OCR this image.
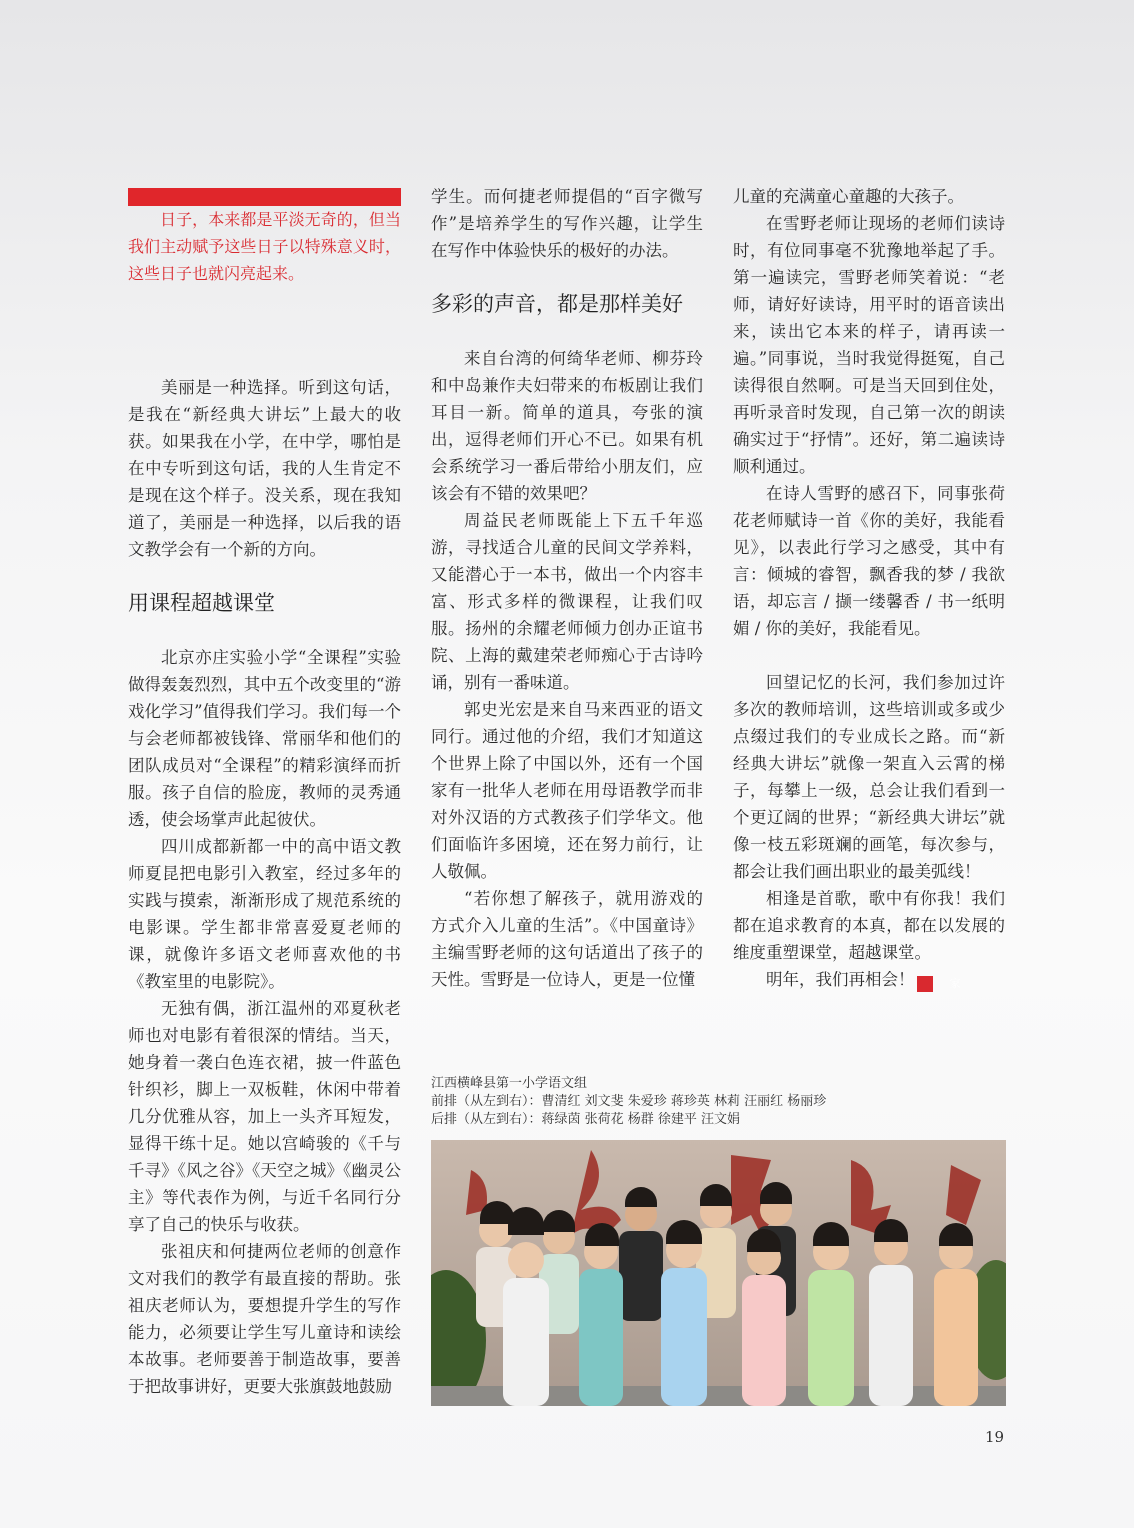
日子，本来都是平淡无奇的，但当我们主动赋予这些日子以特殊意义时，这些日子也就闪亮起来。

美丽是一种选择。听到这句话，是我在“新经典大讲坛”上最大的收获。如果我在小学，在中学，哪怕是在中专听到这句话，我的人生肯定不是现在这个样子。没关系，现在我知道了，美丽是一种选择，以后我的语文教学会有一个新的方向。

用课程超越课堂

北京亦庄实验小学“全课程”实验做得轰轰烈烈，其中五个改变里的“游戏化学习”值得我们学习。我们每一个与会老师都被钱锋、常丽华和他们的团队成员对“全课程”的精彩演绎而折服。孩子自信的脸庞，教师的灵秀通透，使会场掌声此起彼伏。

四川成都新都一中的高中语文教师夏昆把电影引入教室，经过多年的实践与摸索，渐渐形成了规范系统的电影课。学生都非常喜爱夏老师的课，就像许多语文老师喜欢他的书《教室里的电影院》。

无独有偶，浙江温州的邓夏秋老师也对电影有着很深的情结。当天，她身着一袭白色连衣裙，披一件蓝色针织衫，脚上一双板鞋，休闲中带着几分优雅从容，加上一头齐耳短发，显得干练十足。她以宫崎骏的《千与千寻》《风之谷》《天空之城》《幽灵公主》等代表作为例，与近千名同行分享了自己的快乐与收获。

张祖庆和何捷两位老师的创意作文对我们的教学有最直接的帮助。张祖庆老师认为，要想提升学生的写作能力，必须要让学生写儿童诗和读绘本故事。老师要善于制造故事，要善于把故事讲好，更要大张旗鼓地鼓励

学生。而何捷老师提倡的“百字微写作”是培养学生的写作兴趣，让学生在写作中体验快乐的极好的办法。

多彩的声音，都是那样美好

来自台湾的何绮华老师、柳芬玲和中岛兼作夫妇带来的布板剧让我们耳目一新。简单的道具，夸张的演出，逗得老师们开心不已。如果有机会系统学习一番后带给小朋友们，应该会有不错的效果吧？

周益民老师既能上下五千年巡游，寻找适合儿童的民间文学养料，又能潜心于一本书，做出一个内容丰富、形式多样的微课程，让我们叹服。扬州的余耀老师倾力创办正谊书院、上海的戴建荣老师痴心于古诗吟诵，别有一番味道。

郭史光宏是来自马来西亚的语文同行。通过他的介绍，我们才知道这个世界上除了中国以外，还有一个国家有一批华人老师在用母语教学而非对外汉语的方式教孩子们学华文。他们面临许多困境，还在努力前行，让人敬佩。

“若你想了解孩子，就用游戏的方式介入儿童的生活”。《中国童诗》主编雪野老师的这句话道出了孩子的天性。雪野是一位诗人，更是一位懂

儿童的充满童心童趣的大孩子。

在雪野老师让现场的老师们读诗时，有位同事毫不犹豫地举起了手。第一遍读完，雪野老师笑着说：“老师，请好好读诗，用平时的语音读出来，读出它本来的样子，请再读一遍。”同事说，当时我觉得挺冤，自己读得很自然啊。可是当天回到住处，再听录音时发现，自己第一次的朗读确实过于“抒情”。还好，第二遍读诗顺利通过。

在诗人雪野的感召下，同事张荷花老师赋诗一首《你的美好，我能看见》，以表此行学习之感受，其中有言：倾城的睿智，飘香我的梦 / 我欲语，却忘言 / 撷一缕馨香 / 书一纸明媚 / 你的美好，我能看见。

回望记忆的长河，我们参加过许多次的教师培训，这些培训或多或少点缀过我们的专业成长之路。而“新经典大讲坛”就像一架直入云霄的梯子，每攀上一级，总会让我们看到一个更辽阔的世界；“新经典大讲坛”就像一枝五彩斑斓的画笔，每次参与，都会让我们画出职业的最美弧线！

相逢是首歌，歌中有你我！我们都在追求教育的本真，都在以发展的维度重塑课堂，超越课堂。

明年，我们再相会！	家

江西横峰县第一小学语文组
前排（从左到右）：曹清红 刘文斐 朱爱珍 蒋珍英 林莉 汪丽红 杨丽珍
后排（从左到右）：蒋绿茵 张荷花 杨群 徐建平 汪文娟
19
